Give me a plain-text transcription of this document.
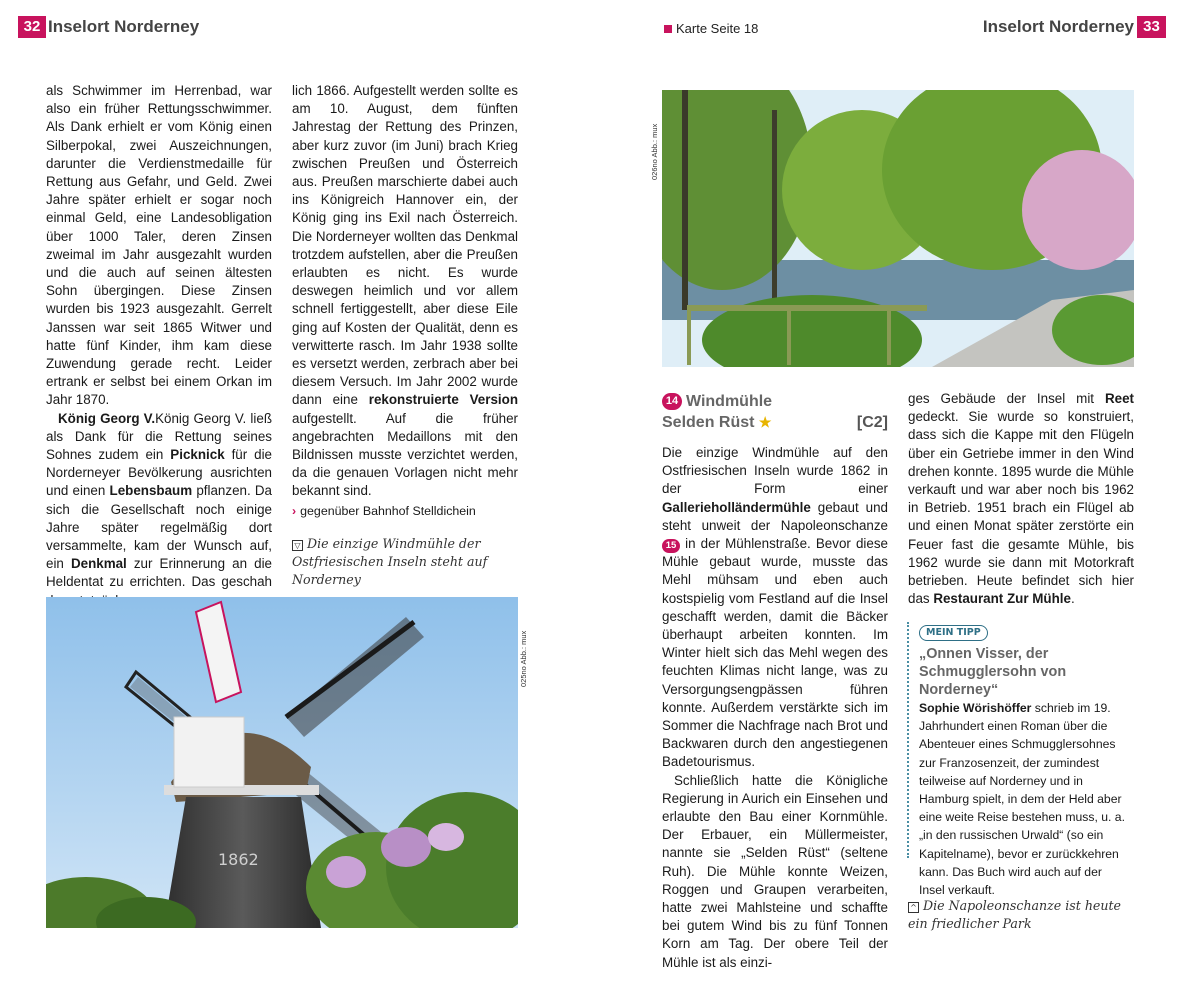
32 Inselort Norderney	Karte Seite 18	Inselort Norderney 33

als Schwimmer im Herrenbad, war also ein früher Rettungsschwimmer. Als Dank erhielt er vom König einen Silberpokal, zwei Auszeichnungen, darunter die Verdienstmedaille für Rettung aus Gefahr, und Geld. Zwei Jahre später erhielt er sogar noch einmal Geld, eine Landesobligation über 1000 Taler, deren Zinsen zweimal im Jahr ausgezahlt wurden und die auch auf seinen ältesten Sohn übergingen. Diese Zinsen wurden bis 1923 ausgezahlt. Gerrelt Janssen war seit 1865 Witwer und hatte fünf Kinder, ihm kam diese Zuwendung gerade recht. Leider ertrank er selbst bei einem Orkan im Jahr 1870.

König Georg V.König Georg V. ließ als Dank für die Rettung seines Sohnes zudem ein Picknick für die Norderneyer Bevölkerung ausrichten und einen Lebensbaum pflanzen. Da sich die Gesellschaft noch einige Jahre später regelmäßig dort versammelte, kam der Wunsch auf, ein Denkmal zur Erinnerung an die Heldentat zu errichten. Das geschah

lich 1866. Aufgestellt werden sollte es am 10. August, dem fünften Jahrestag der Rettung des Prinzen, aber kurz zuvor (im Juni) brach Krieg zwischen Preußen und Österreich aus. Preußen marschierte dabei auch ins Königreich Hannover ein, der König ging ins Exil nach Österreich. Die Norderneyer wollten das Denkmal trotzdem aufstellen, aber die Preußen erlaubten es nicht. Es wurde deswegen heimlich und vor allem schnell fertiggestellt, aber diese Eile ging auf Kosten der Qualität, denn es verwitterte rasch. Im Jahr 1938 sollte es versetzt werden, zerbrach aber bei diesem Versuch. Im Jahr 2002 wurde dann eine rekonstruierte Version aufgestellt. Auf die früher angebrachten Medaillons mit den Bildnissen musste verzichtet werden, da die genauen Vorlagen nicht mehr bekannt sind.

› gegenüber Bahnhof Stelldichein

▽ Die einzige Windmühle der Ostfriesischen Inseln steht auf Norderney
1862
025no Abb.: mux
026no Abb.: mux
14 Windmühle
Selden Rüst ★	[C2]

Die einzige Windmühle auf den Ostfriesischen Inseln wurde 1862 in der Form einer Gallerieholländermühle gebaut und steht unweit der Napoleonschanze 15 in der Mühlenstraße. Bevor diese Mühle gebaut wurde, musste das Mehl mühsam und eben auch kostspielig vom Festland auf die Insel geschafft werden, damit die Bäcker überhaupt arbeiten konnten. Im Winter hielt sich das Mehl wegen des feuchten Klimas nicht lange, was zu Versorgungsengpässen führen konnte. Außerdem verstärkte sich im Sommer die Nachfrage nach Brot und Backwaren durch den angestiegenen Badetourismus.

Schließlich hatte die Königliche Regierung in Aurich ein Einsehen und erlaubte den Bau einer Kornmühle. Der Erbauer, ein Müllermeister, nannte sie „Selden Rüst“ (seltene Ruh). Die Mühle konnte Weizen, Roggen und Graupen verarbeiten, hatte zwei Mahlsteine und schaffte bei gutem Wind bis zu fünf Tonnen Korn am Tag. Der obere Teil der Mühle ist als einzi-

ges Gebäude der Insel mit Reet gedeckt. Sie wurde so konstruiert, dass sich die Kappe mit den Flügeln über ein Getriebe immer in den Wind drehen konnte. 1895 wurde die Mühle verkauft und war aber noch bis 1962 in Betrieb. 1951 brach ein Flügel ab und einen Monat später zerstörte ein Feuer fast die gesamte Mühle, bis 1962 wurde sie dann mit Motorkraft betrieben. Heute befindet sich hier das Restaurant Zur Mühle.

MEIN TIPP
„Onnen Visser, der Schmugglersohn von Norderney“
Sophie Wörishöffer schrieb im 19. Jahrhundert einen Roman über die Abenteuer eines Schmugglersohnes zur Franzosenzeit, der zumindest teilweise auf Norderney und in Hamburg spielt, in dem der Held aber eine weite Reise bestehen muss, u. a. „in den russischen Urwald“ (so ein Kapitelname), bevor er zurückkehren kann. Das Buch wird auch auf der Insel verkauft.
^ Die Napoleonschanze ist heute ein friedlicher Park
